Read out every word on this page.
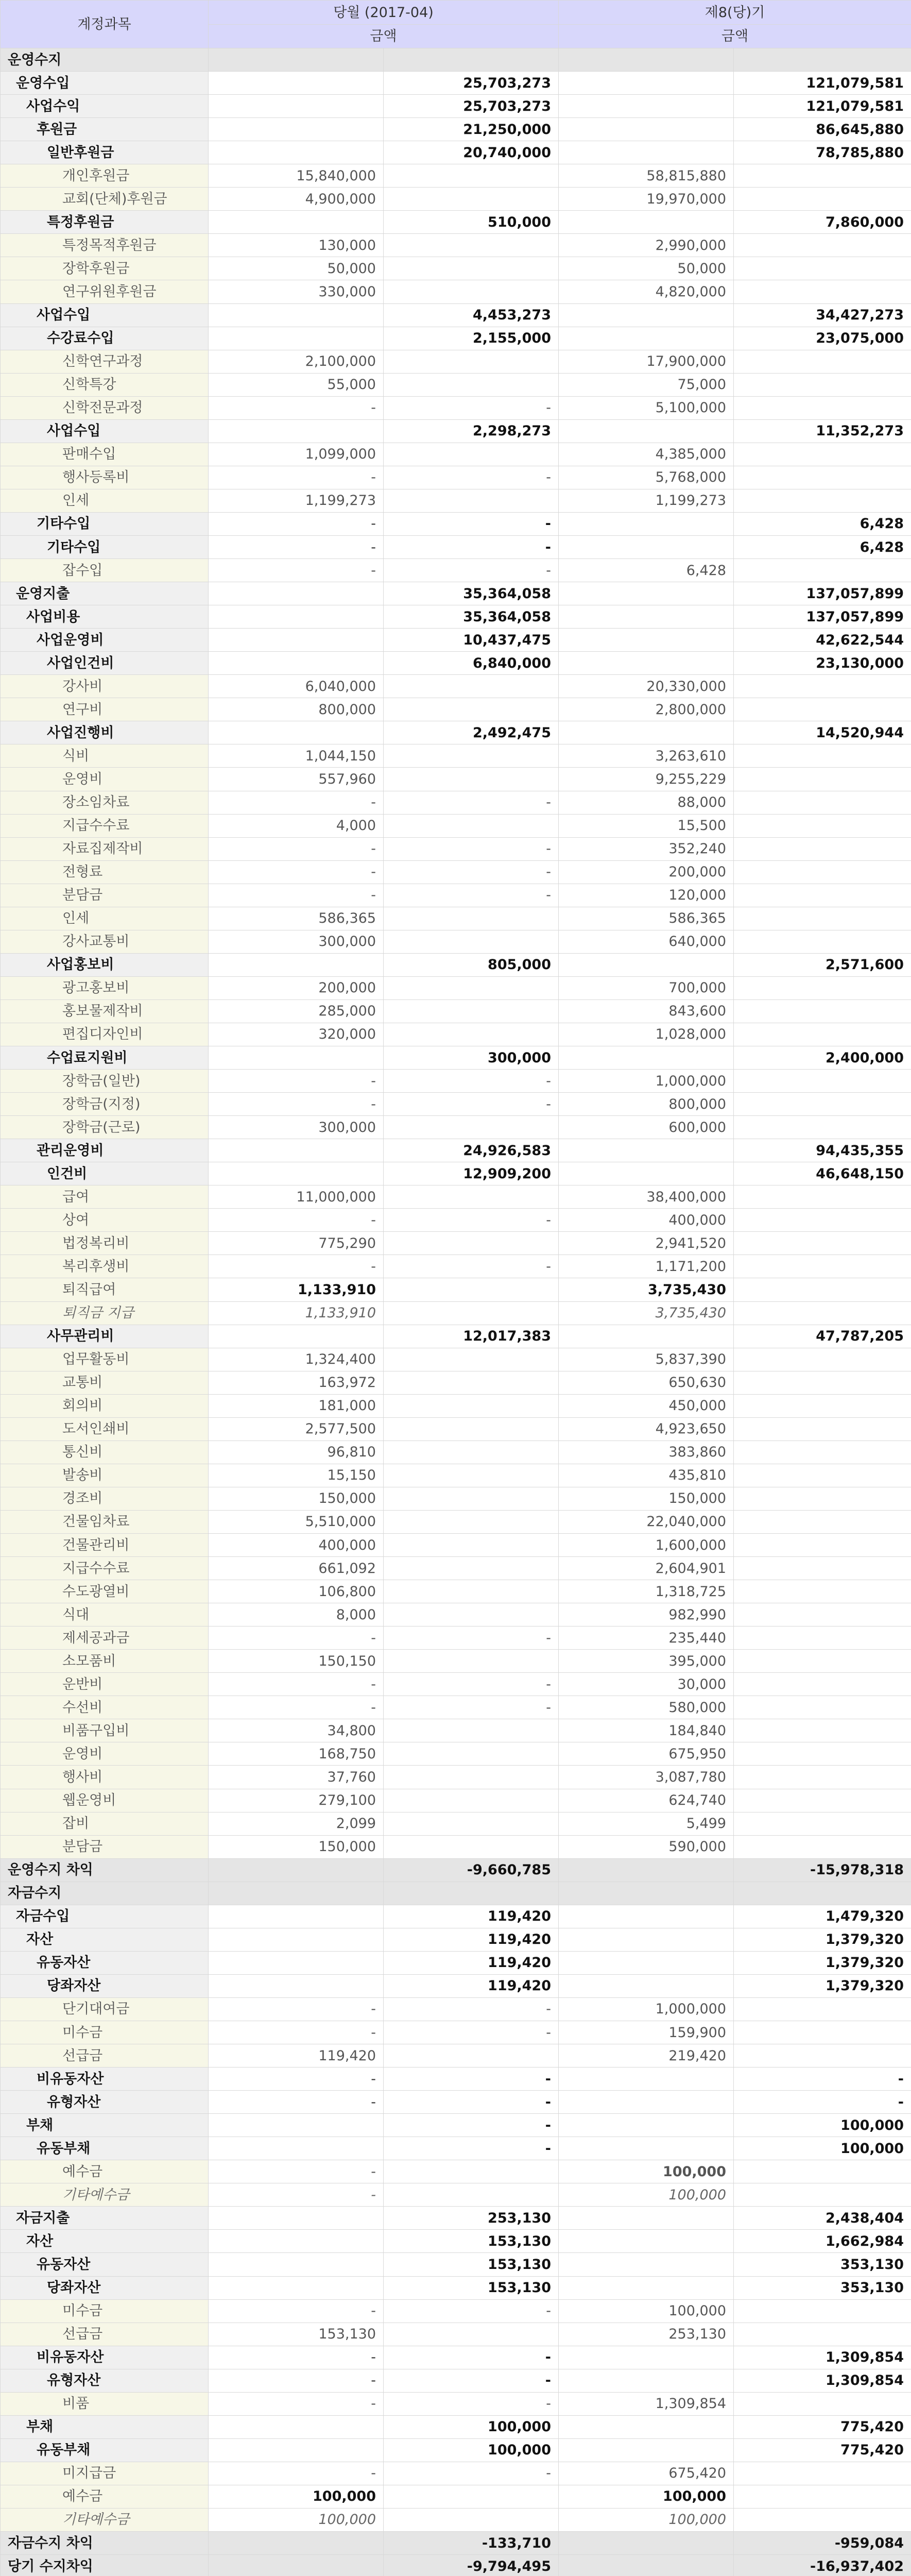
계정과목	당월 (2017-04)		제8(당)기	
	금액		금액	
운영수지				
운영수입		25,703,273		121,079,581
사업수익		25,703,273		121,079,581
후원금		21,250,000		86,645,880
일반후원금		20,740,000		78,785,880
개인후원금	15,840,000		58,815,880	
교회(단체)후원금	4,900,000		19,970,000	
특정후원금		510,000		7,860,000
특정목적후원금	130,000		2,990,000	
장학후원금	50,000		50,000	
연구위원후원금	330,000		4,820,000	
사업수입		4,453,273		34,427,273
수강료수입		2,155,000		23,075,000
신학연구과정	2,100,000		17,900,000	
신학특강	55,000		75,000	
신학전문과정	-	-	5,100,000	
사업수입		2,298,273		11,352,273
판매수입	1,099,000		4,385,000	
행사등록비	-	-	5,768,000	
인세	1,199,273		1,199,273	
기타수입	-	-		6,428
기타수입	-	-		6,428
잡수입	-	-	6,428	
운영지출		35,364,058		137,057,899
사업비용		35,364,058		137,057,899
사업운영비		10,437,475		42,622,544
사업인건비		6,840,000		23,130,000
강사비	6,040,000		20,330,000	
연구비	800,000		2,800,000	
사업진행비		2,492,475		14,520,944
식비	1,044,150		3,263,610	
운영비	557,960		9,255,229	
장소임차료	-	-	88,000	
지급수수료	4,000		15,500	
자료집제작비	-	-	352,240	
전형료	-	-	200,000	
분담금	-	-	120,000	
인세	586,365		586,365	
강사교통비	300,000		640,000	
사업홍보비		805,000		2,571,600
광고홍보비	200,000		700,000	
홍보물제작비	285,000		843,600	
편집디자인비	320,000		1,028,000	
수업료지원비		300,000		2,400,000
장학금(일반)	-	-	1,000,000	
장학금(지정)	-	-	800,000	
장학금(근로)	300,000		600,000	
관리운영비		24,926,583		94,435,355
인건비		12,909,200		46,648,150
급여	11,000,000		38,400,000	
상여	-	-	400,000	
법정복리비	775,290		2,941,520	
복리후생비	-	-	1,171,200	
퇴직급여	1,133,910		3,735,430	
퇴직금 지급	1,133,910		3,735,430	
사무관리비		12,017,383		47,787,205
업무활동비	1,324,400		5,837,390	
교통비	163,972		650,630	
회의비	181,000		450,000	
도서인쇄비	2,577,500		4,923,650	
통신비	96,810		383,860	
발송비	15,150		435,810	
경조비	150,000		150,000	
건물임차료	5,510,000		22,040,000	
건물관리비	400,000		1,600,000	
지급수수료	661,092		2,604,901	
수도광열비	106,800		1,318,725	
식대	8,000		982,990	
제세공과금	-	-	235,440	
소모품비	150,150		395,000	
운반비	-	-	30,000	
수선비	-	-	580,000	
비품구입비	34,800		184,840	
운영비	168,750		675,950	
행사비	37,760		3,087,780	
웹운영비	279,100		624,740	
잡비	2,099		5,499	
분담금	150,000		590,000	
운영수지 차익		-9,660,785		-15,978,318
자금수지				
자금수입		119,420		1,479,320
자산		119,420		1,379,320
유동자산		119,420		1,379,320
당좌자산		119,420		1,379,320
단기대여금	-	-	1,000,000	
미수금	-	-	159,900	
선급금	119,420		219,420	
비유동자산	-	-		-
유형자산	-	-		-
부채		-		100,000
유동부채		-		100,000
예수금	-		100,000	
기타예수금	-		100,000	
자금지출		253,130		2,438,404
자산		153,130		1,662,984
유동자산		153,130		353,130
당좌자산		153,130		353,130
미수금	-	-	100,000	
선급금	153,130		253,130	
비유동자산	-	-		1,309,854
유형자산	-	-		1,309,854
비품	-	-	1,309,854	
부채		100,000		775,420
유동부채		100,000		775,420
미지급금	-	-	675,420	
예수금	100,000		100,000	
기타예수금	100,000		100,000	
자금수지 차익		-133,710		-959,084
당기 수지차익		-9,794,495		-16,937,402
